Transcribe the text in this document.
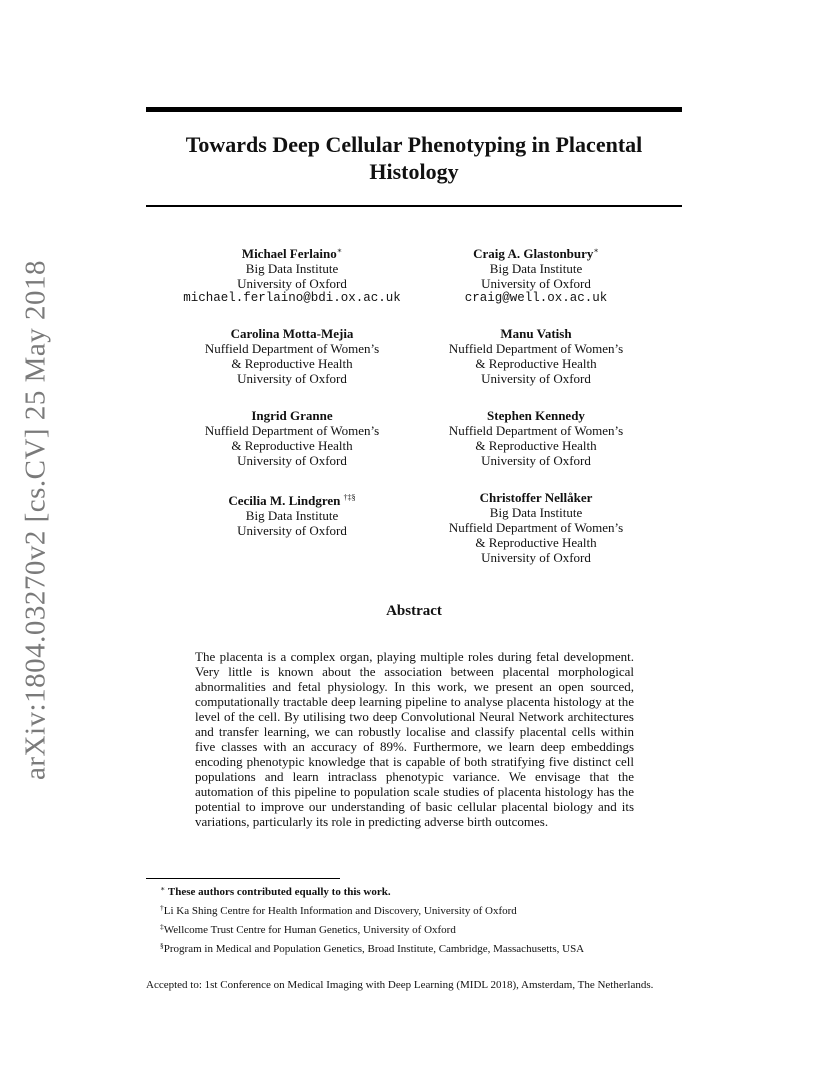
arXiv:1804.03270v2 [cs.CV] 25 May 2018
Towards Deep Cellular Phenotyping in Placental Histology
Michael Ferlaino∗
Big Data Institute
University of Oxford
michael.ferlaino@bdi.ox.ac.uk
Craig A. Glastonbury∗
Big Data Institute
University of Oxford
craig@well.ox.ac.uk
Carolina Motta-Mejia
Nuffield Department of Women’s
& Reproductive Health
University of Oxford
Manu Vatish
Nuffield Department of Women’s
& Reproductive Health
University of Oxford
Ingrid Granne
Nuffield Department of Women’s
& Reproductive Health
University of Oxford
Stephen Kennedy
Nuffield Department of Women’s
& Reproductive Health
University of Oxford
Cecilia M. Lindgren †‡§
Big Data Institute
University of Oxford
Christoffer Nellåker
Big Data Institute
Nuffield Department of Women’s
& Reproductive Health
University of Oxford
Abstract
The placenta is a complex organ, playing multiple roles during fetal development. Very little is known about the association between placental morphological abnormalities and fetal physiology. In this work, we present an open sourced, computationally tractable deep learning pipeline to analyse placenta histology at the level of the cell. By utilising two deep Convolutional Neural Network architectures and transfer learning, we can robustly localise and classify placental cells within five classes with an accuracy of 89%. Furthermore, we learn deep embeddings encoding phenotypic knowledge that is capable of both stratifying five distinct cell populations and learn intraclass phenotypic variance. We envisage that the automation of this pipeline to population scale studies of placenta histology has the potential to improve our understanding of basic cellular placental biology and its variations, particularly its role in predicting adverse birth outcomes.
∗ These authors contributed equally to this work.
†Li Ka Shing Centre for Health Information and Discovery, University of Oxford
‡Wellcome Trust Centre for Human Genetics, University of Oxford
§Program in Medical and Population Genetics, Broad Institute, Cambridge, Massachusetts, USA
Accepted to: 1st Conference on Medical Imaging with Deep Learning (MIDL 2018), Amsterdam, The Netherlands.
